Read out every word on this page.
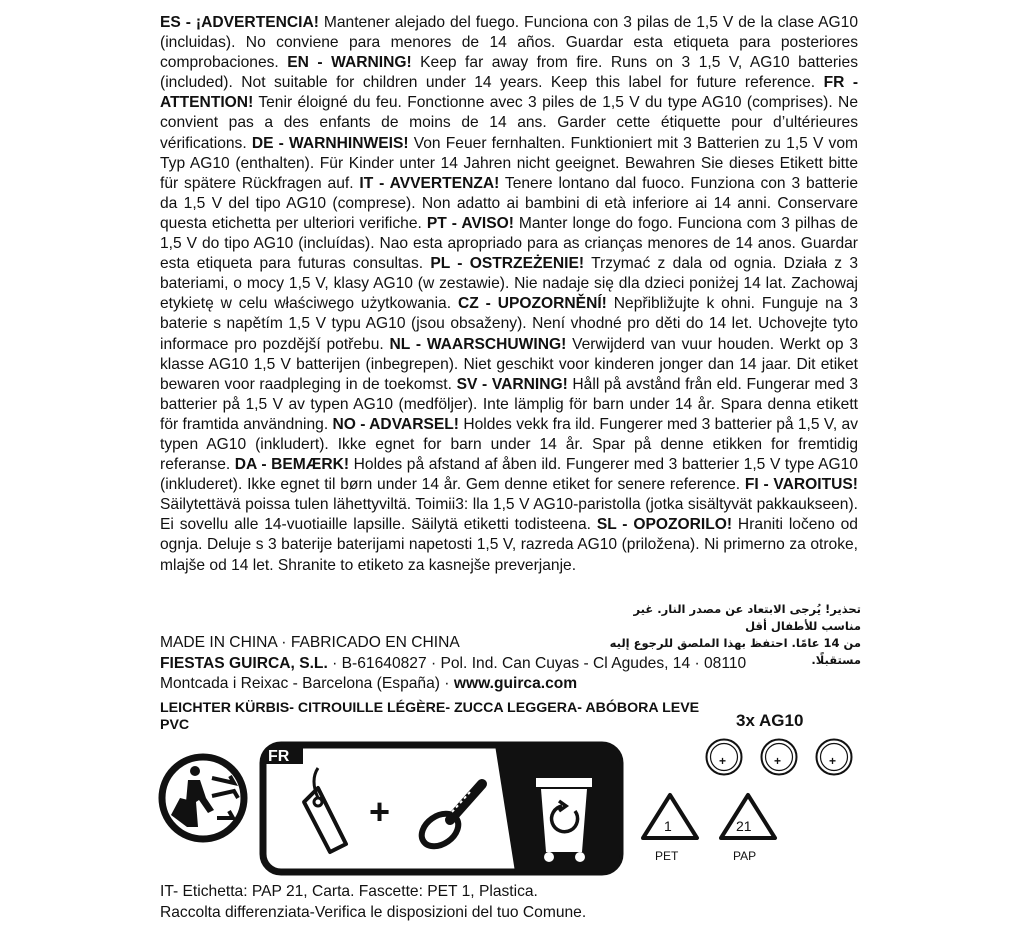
ES - ¡ADVERTENCIA! Mantener alejado del fuego. Funciona con 3 pilas de 1,5 V de la clase AG10 (incluidas). No conviene para menores de 14 años. Guardar esta etiqueta para posteriores comprobaciones. EN - WARNING! Keep far away from fire. Runs on 3 1,5 V, AG10 batteries (included). Not suitable for children under 14 years. Keep this label for future reference. FR - ATTENTION! Tenir éloigné du feu. Fonctionne avec 3 piles de 1,5 V du type AG10 (comprises). Ne convient pas a des enfants de moins de 14 ans. Garder cette étiquette pour d’ultérieures vérifications. DE - WARNHINWEIS! Von Feuer fernhalten. Funktioniert mit 3 Batterien zu 1,5 V vom Typ AG10 (enthalten). Für Kinder unter 14 Jahren nicht geeignet. Bewahren Sie dieses Etikett bitte für spätere Rückfragen auf. IT - AVVERTENZA! Tenere lontano dal fuoco. Funziona con 3 batterie da 1,5 V del tipo AG10 (comprese). Non adatto ai bambini di età inferiore ai 14 anni. Conservare questa etichetta per ulteriori verifiche. PT - AVISO! Manter longe do fogo. Funciona com 3 pilhas de 1,5 V do tipo AG10 (incluídas). Nao esta apropriado para as crianças menores de 14 anos. Guardar esta etiqueta para futuras consultas. PL - OSTRZEŻENIE! Trzymać z dala od ognia. Działa z 3 bateriami, o mocy 1,5 V, klasy AG10 (w zestawie). Nie nadaje się dla dzieci poniżej 14 lat. Zachowaj etykietę w celu właściwego użytkowania. CZ - UPOZORNĚNÍ! Nepřibližujte k ohni. Funguje na 3 baterie s napětím 1,5 V typu AG10 (jsou obsaženy). Není vhodné pro děti do 14 let. Uchovejte tyto informace pro pozdější potřebu. NL - WAARSCHUWING! Verwijderd van vuur houden. Werkt op 3 klasse AG10 1,5 V batterijen (inbegrepen). Niet geschikt voor kinderen jonger dan 14 jaar. Dit etiket bewaren voor raadpleging in de toekomst. SV - VARNING! Håll på avstånd från eld. Fungerar med 3 batterier på 1,5 V av typen AG10 (medföljer). Inte lämplig för barn under 14 år. Spara denna etikett för framtida användning. NO - ADVARSEL! Holdes vekk fra ild. Fungerer med 3 batterier på 1,5 V, av typen AG10 (inkludert). Ikke egnet for barn under 14 år. Spar på denne etikken for fremtidig referanse. DA - BEMÆRK! Holdes på afstand af åben ild. Fungerer med 3 batterier 1,5 V type AG10 (inkluderet). Ikke egnet til børn under 14 år. Gem denne etiket for senere reference. FI - VAROITUS! Säilytettävä poissa tulen lähettyviltä. Toimii3: lla 1,5 V AG10-paristolla (jotka sisältyvät pakkaukseen). Ei sovellu alle 14-vuotiaille lapsille. Säilytä etiketti todisteena. SL - OPOZORILO! Hraniti ločeno od ognja. Deluje s 3 baterije baterijami napetosti 1,5 V, razreda AG10 (priložena). Ni primerno za otroke, mlajše od 14 let. Shranite to etiketo za kasnejše preverjanje.
تحذير! يُرجى الابتعاد عن مصدر النار. غير مناسب للأطفال أقل
من 14 عامًا. احتفظ بهذا الملصق للرجوع إليه مستقبلًا.
MADE IN CHINA · FABRICADO EN CHINA
FIESTAS GUIRCA, S.L. · B-61640827 · Pol. Ind. Can Cuyas - Cl Agudes, 14 · 08110
Montcada i Reixac - Barcelona (España) · www.guirca.com
LEICHTER KÜRBIS- CITROUILLE LÉGÈRE- ZUCCA LEGGERA- ABÓBORA LEVE
PVC	3x AG10
+	+	+
FR
+	1
PET
21
PAP
IT- Etichetta: PAP 21, Carta. Fascette: PET 1, Plastica.
Raccolta differenziata-Verifica le disposizioni del tuo Comune.
